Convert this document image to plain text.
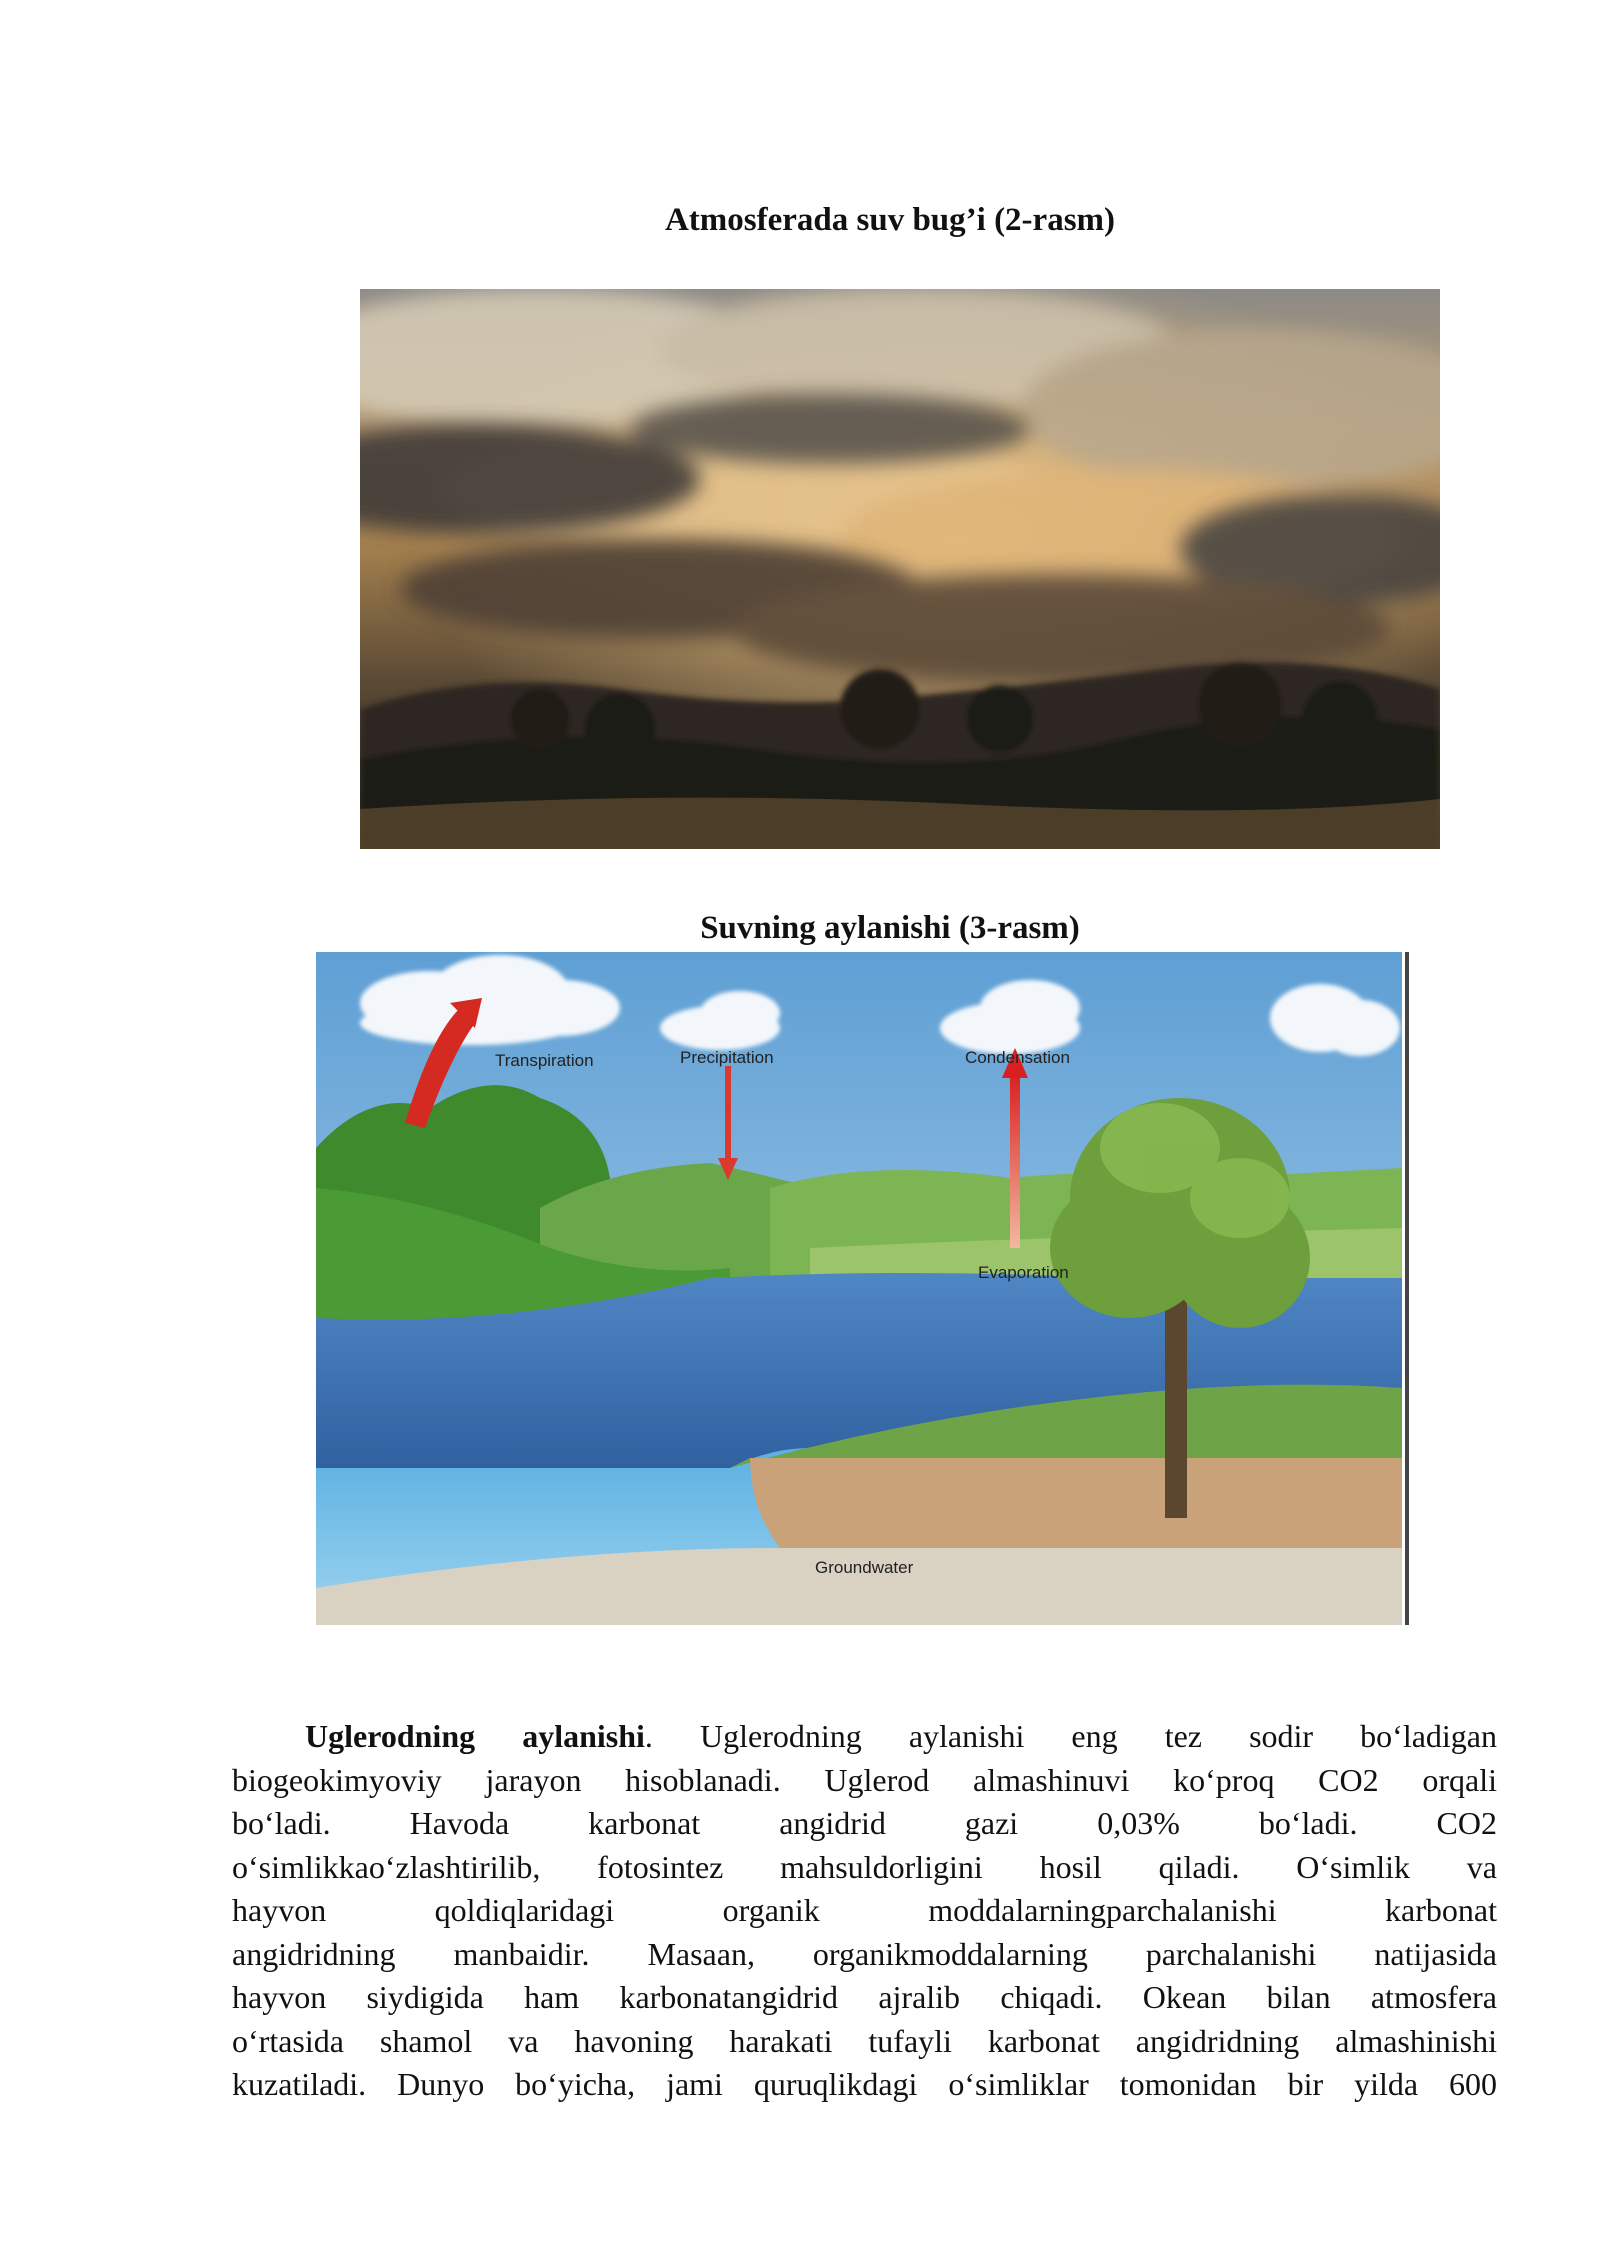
Atmosferada suv bug’i (2-rasm)
Suvning aylanishi (3-rasm)
Transpiration	Precipitation	Condensation
Evaporation
Groundwater
Uglerodning aylanishi. Uglerodning aylanishi eng tez sodir bo‘ladigan
biogeokimyoviy jarayon hisoblanadi. Uglerod almashinuvi ko‘proq CO2 orqali
bo‘ladi. Havoda karbonat angidrid gazi 0,03% bo‘ladi. CO2
o‘simlikkao‘zlashtirilib, fotosintez mahsuldorligini hosil qiladi. O‘simlik va
hayvon qoldiqlaridagi organik moddalarningparchalanishi karbonat
angidridning manbaidir. Masaan, organikmoddalarning parchalanishi natijasida
hayvon siydigida ham karbonatangidrid ajralib chiqadi. Okean bilan atmosfera
o‘rtasida shamol va havoning harakati tufayli karbonat angidridning almashinishi
kuzatiladi. Dunyo bo‘yicha, jami quruqlikdagi o‘simliklar tomonidan bir yilda 600
